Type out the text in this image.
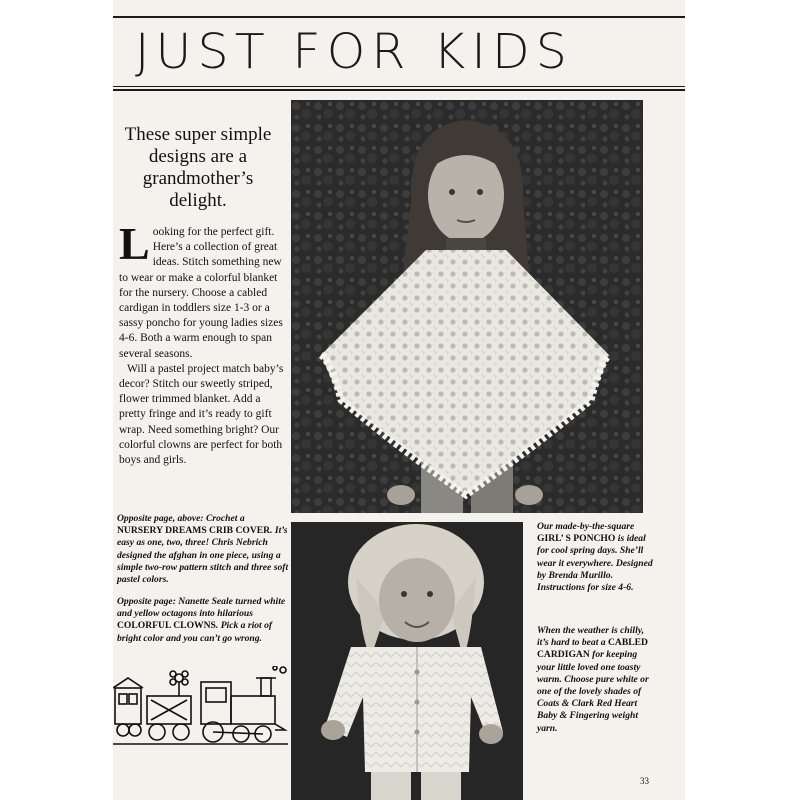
JUST FOR KIDS
These super simple designs are a grandmother’s delight.
L ooking for the perfect gift. Here’s a collection of great ideas. Stitch something new to wear or make a colorful blanket for the nursery. Choose a cabled cardigan in toddlers size 1-3 or a sassy poncho for young ladies sizes 4-6. Both a warm enough to span several seasons.

Will a pastel project match baby’s decor? Stitch our sweetly striped, flower trimmed blanket. Add a pretty fringe and it’s ready to gift wrap. Need something bright? Our colorful clowns are perfect for both boys and girls.

Opposite page, above: Crochet a NURSERY DREAMS CRIB COVER. It’s easy as one, two, three! Chris Nebrich designed the afghan in one piece, using a simple two-row pattern stitch and three soft pastel colors.
Opposite page: Nanette Seale turned white and yellow octagons into hilarious COLORFUL CLOWNS. Pick a riot of bright color and you can’t go wrong.
Our made-by-the-square GIRL’ S PONCHO is ideal for cool spring days. She’ll wear it everywhere. Designed by Brenda Murillo. Instructions for size 4-6.
When the weather is chilly, it’s hard to beat a CABLED CARDIGAN for keeping your little loved one toasty warm. Choose pure white or one of the lovely shades of Coats & Clark Red Heart Baby & Fingering weight yarn.
33
